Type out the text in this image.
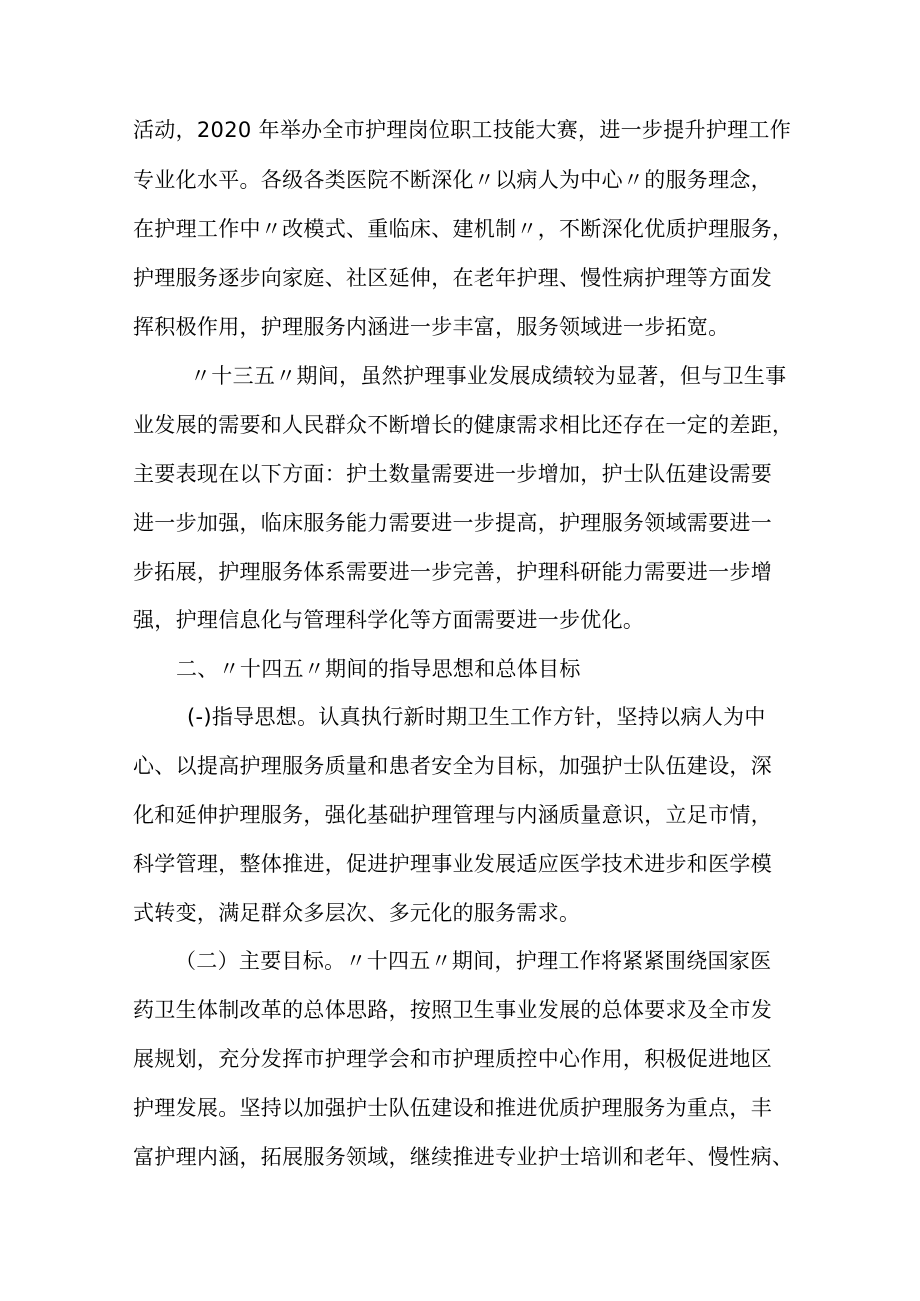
活动，2020 年举办全市护理岗位职工技能大赛，进一步提升护理工作
专业化水平。各级各类医院不断深化〃以病人为中心〃的服务理念，
在护理工作中〃改模式、重临床、建机制〃，不断深化优质护理服务，
护理服务逐步向家庭、社区延伸，在老年护理、慢性病护理等方面发
挥积极作用，护理服务内涵进一步丰富，服务领域进一步拓宽。
〃十三五〃期间，虽然护理事业发展成绩较为显著，但与卫生事
业发展的需要和人民群众不断增长的健康需求相比还存在一定的差距，
主要表现在以下方面：护土数量需要进一步增加，护士队伍建设需要
进一步加强，临床服务能力需要进一步提高，护理服务领域需要进一
步拓展，护理服务体系需要进一步完善，护理科研能力需要进一步增
强，护理信息化与管理科学化等方面需要进一步优化。
二、〃十四五〃期间的指导思想和总体目标
(-)指导思想。认真执行新时期卫生工作方针，坚持以病人为中
心、以提高护理服务质量和患者安全为目标，加强护士队伍建设，深
化和延伸护理服务，强化基础护理管理与内涵质量意识，立足市情，
科学管理，整体推进，促进护理事业发展适应医学技术进步和医学模
式转变，满足群众多层次、多元化的服务需求。
（二）主要目标。〃十四五〃期间，护理工作将紧紧围绕国家医
药卫生体制改革的总体思路，按照卫生事业发展的总体要求及全市发
展规划，充分发挥市护理学会和市护理质控中心作用，积极促进地区
护理发展。坚持以加强护士队伍建设和推进优质护理服务为重点，丰
富护理内涵，拓展服务领域，继续推进专业护士培训和老年、慢性病、
